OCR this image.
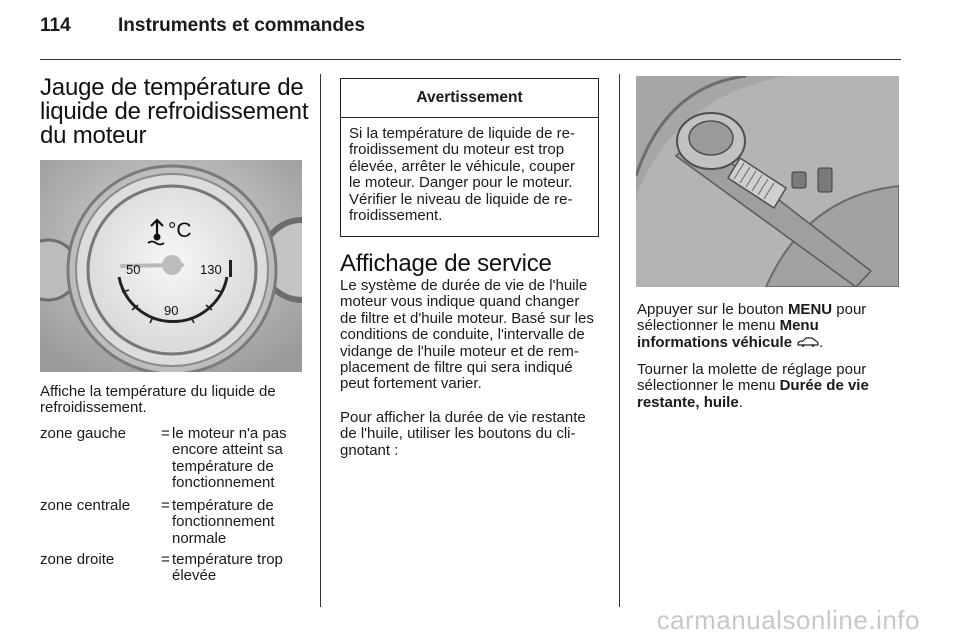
114 Instruments et commandes
Jauge de température de
liquide de refroidissement
du moteur
°C
50	130
90
Affiche la température du liquide de
refroidissement.
zone gauche = le moteur n'a pas
encore atteint sa
température de
fonctionnement
zone centrale = température de
fonctionnement
normale
zone droite	= température trop
élevée
Avertissement
Si la température de liquide de re-
froidissement du moteur est trop
élevée, arrêter le véhicule, couper
le moteur. Danger pour le moteur.
Vérifier le niveau de liquide de re-
froidissement.
Affichage de service
Le système de durée de vie de l'huile
moteur vous indique quand changer
de filtre et d'huile moteur. Basé sur les
conditions de conduite, l'intervalle de
vidange de l'huile moteur et de rem-
placement de filtre qui sera indiqué
peut fortement varier.
Pour afficher la durée de vie restante
de l'huile, utiliser les boutons du cli-
gnotant :
Appuyer sur le bouton MENU pour
sélectionner le menu Menu
informations véhicule .
Tourner la molette de réglage pour
sélectionner le menu Durée de vie
restante, huile.
carmanualsonline.info
